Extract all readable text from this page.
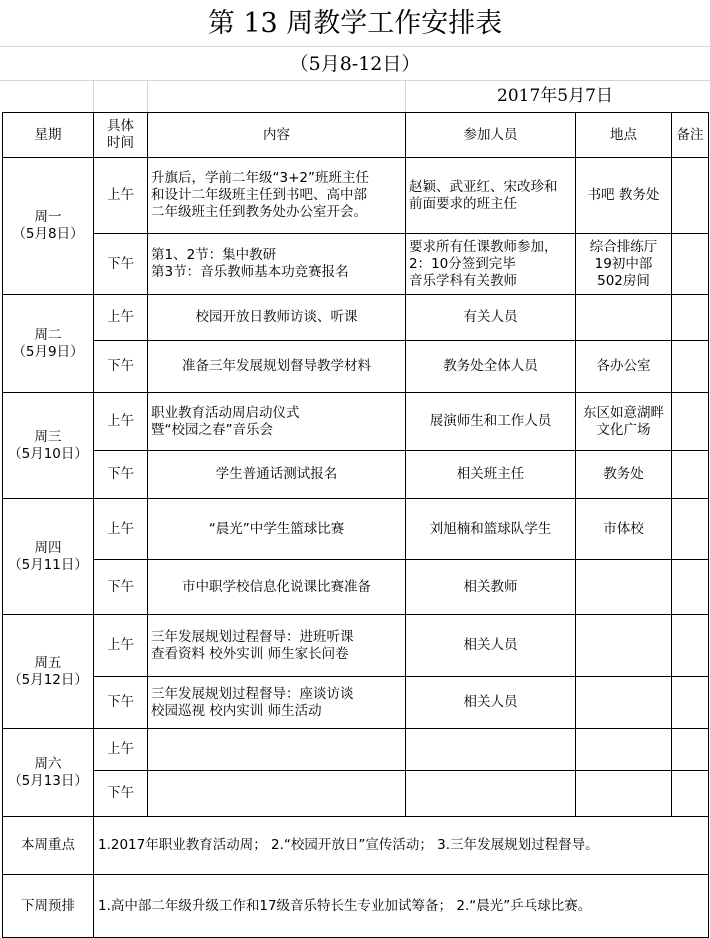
第 13 周教学工作安排表
（5月8-12日）
2017年5月7日
星期	具体
时间	内容	参加人员	地点	备注

周一
（5月8日）	上午	升旗后，学前二年级“3+2”班班主任
和设计二年级班主任到书吧、高中部
二年级班主任到教务处办公室开会。	赵颖、武亚红、宋改珍和
前面要求的班主任	书吧 教务处	

	下午	第1、2节：集中教研
第3节：音乐教师基本功竞赛报名	要求所有任课教师参加，
2：10分签到完毕
音乐学科有关教师	综合排练厅
19初中部
502房间	

周二
（5月9日）	上午	校园开放日教师访谈、听课	有关人员		

	下午	准备三年发展规划督导教学材料	教务处全体人员	各办公室	

周三
（5月10日）	上午	职业教育活动周启动仪式
暨“校园之春”音乐会	展演师生和工作人员	东区如意湖畔
文化广场	

	下午	学生普通话测试报名	相关班主任	教务处	

周四
（5月11日）	上午	“晨光”中学生篮球比赛	刘旭楠和篮球队学生	市体校	

	下午	市中职学校信息化说课比赛准备	相关教师		

周五
（5月12日）	上午	三年发展规划过程督导：进班听课
查看资料 校外实训 师生家长问卷	相关人员		

	下午	三年发展规划过程督导：座谈访谈
校园巡视 校内实训 师生活动	相关人员		

周六
（5月13日）	上午	

	下午	

本周重点	1.2017年职业教育活动周； 2.“校园开放日”宣传活动； 3.三年发展规划过程督导。				
下周预排	1.高中部二年级升级工作和17级音乐特长生专业加试筹备； 2.“晨光”乒乓球比赛。				
